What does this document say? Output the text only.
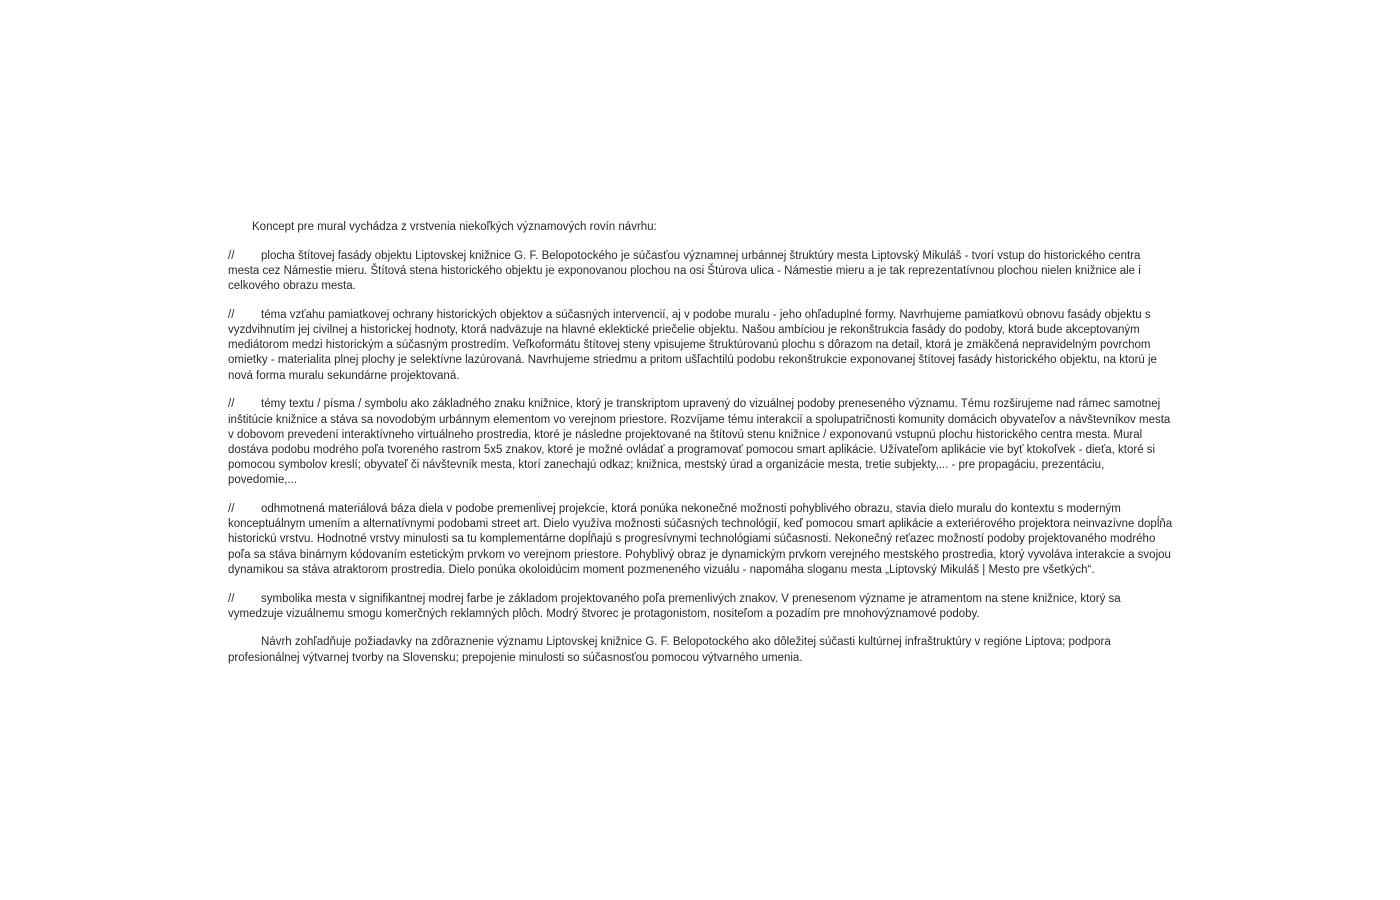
Koncept pre mural vychádza z vrstvenia niekoľkých významových rovín návrhu:

// plocha štítovej fasády objektu Liptovskej knižnice G. F. Belopotockého je súčasťou významnej urbánnej štruktúry mesta Liptovský Mikuláš - tvorí vstup do historického centra mesta cez Námestie mieru. Štítová stena historického objektu je exponovanou plochou na osi Štúrova ulica - Námestie mieru a je tak reprezentatívnou plochou nielen knižnice ale i celkového obrazu mesta.

// téma vzťahu pamiatkovej ochrany historických objektov a súčasných intervencií, aj v podobe muralu - jeho ohľaduplné formy. Navrhujeme pamiatkovú obnovu fasády objektu s vyzdvihnutím jej civilnej a historickej hodnoty, ktorá nadväzuje na hlavné eklektické priečelie objektu. Našou ambíciou je rekonštrukcia fasády do podoby, ktorá bude akceptovaným mediátorom medzi historickým a súčasným prostredím. Veľkoformátu štítovej steny vpisujeme štruktúrovanú plochu s dôrazom na detail, ktorá je zmäkčená nepravidelným povrchom omietky - materialita plnej plochy je selektívne lazúrovaná. Navrhujeme striedmu a pritom ušľachtilú podobu rekonštrukcie exponovanej štítovej fasády historického objektu, na ktorú je nová forma muralu sekundárne projektovaná.

// témy textu / písma / symbolu ako základného znaku knižnice, ktorý je transkriptom upravený do vizuálnej podoby preneseného významu. Tému rozširujeme nad rámec samotnej inštitúcie knižnice a stáva sa novodobým urbánnym elementom vo verejnom priestore. Rozvíjame tému interakcií a spolupatričnosti komunity domácich obyvateľov a návštevníkov mesta v dobovom prevedení interaktívneho virtuálneho prostredia, ktoré je následne projektované na štítovú stenu knižnice / exponovanú vstupnú plochu historického centra mesta. Mural dostáva podobu modrého poľa tvoreného rastrom 5x5 znakov, ktoré je možné ovládať a programovať pomocou smart aplikácie. Užívateľom aplikácie vie byť ktokoľvek - dieťa, ktoré si pomocou symbolov kreslí; obyvateľ či návštevník mesta, ktorí zanechajú odkaz; knižnica, mestský úrad a organizácie mesta, tretie subjekty,... - pre propagáciu, prezentáciu, povedomie,...

// odhmotnená materiálová báza diela v podobe premenlivej projekcie, ktorá ponúka nekonečné možnosti pohyblivého obrazu, stavia dielo muralu do kontextu s moderným konceptuálnym umením a alternatívnymi podobami street art. Dielo využíva možnosti súčasných technológií, keď pomocou smart aplikácie a exteriérového projektora neinvazívne dopĺňa historickú vrstvu. Hodnotné vrstvy minulosti sa tu komplementárne dopĺňajú s progresívnymi technológiami súčasnosti. Nekonečný reťazec možností podoby projektovaného modrého poľa sa stáva binárnym kódovaním estetickým prvkom vo verejnom priestore. Pohyblivý obraz je dynamickým prvkom verejného mestského prostredia, ktorý vyvoláva interakcie a svojou dynamikou sa stáva atraktorom prostredia. Dielo ponúka okoloidúcim moment pozmeneného vizuálu - napomáha sloganu mesta „Liptovský Mikuláš | Mesto pre všetkých“.

// symbolika mesta v signifikantnej modrej farbe je základom projektovaného poľa premenlivých znakov. V prenesenom význame je atramentom na stene knižnice, ktorý sa vymedzuje vizuálnemu smogu komerčných reklamných plôch. Modrý štvorec je protagonistom, nositeľom a pozadím pre mnohovýznamové podoby.

Návrh zohľadňuje požiadavky na zdôraznenie významu Liptovskej knižnice G. F. Belopotockého ako dôležitej súčasti kultúrnej infraštruktúry v regióne Liptova; podpora profesionálnej výtvarnej tvorby na Slovensku; prepojenie minulosti so súčasnosťou pomocou výtvarného umenia.
